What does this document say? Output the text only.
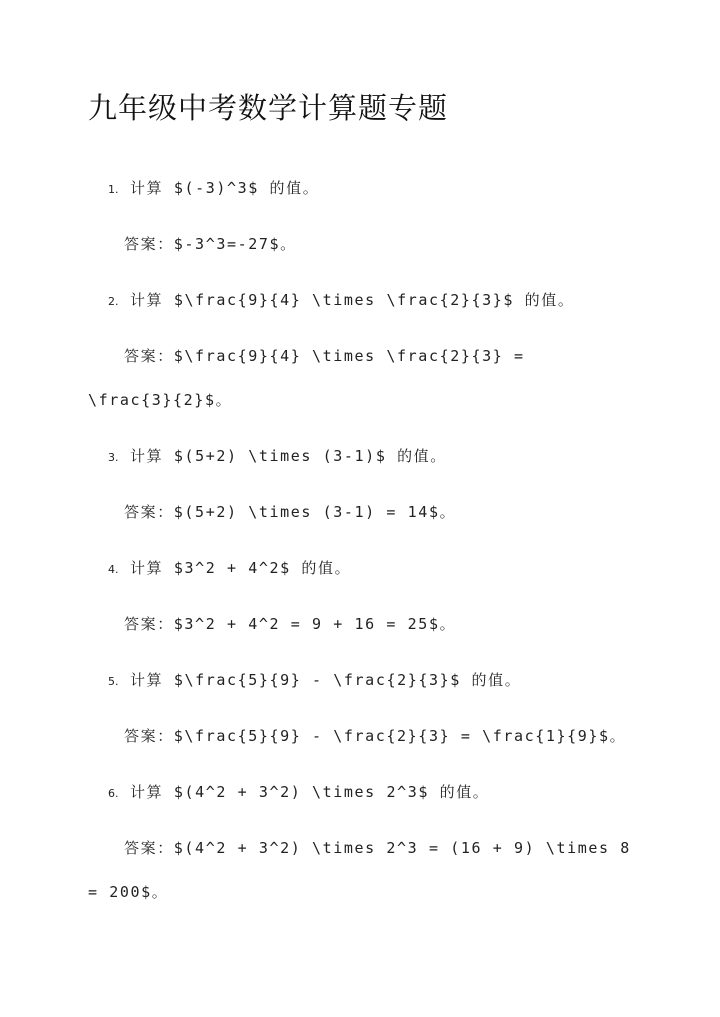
九年级中考数学计算题专题
1. 计算 $(-3)^3$ 的值。
答案：$-3^3=-27$。
2. 计算 $\frac{9}{4} \times \frac{2}{3}$ 的值。
答案：$\frac{9}{4} \times \frac{2}{3} =
\frac{3}{2}$。
3. 计算 $(5+2) \times (3-1)$ 的值。
答案：$(5+2) \times (3-1) = 14$。
4. 计算 $3^2 + 4^2$ 的值。
答案：$3^2 + 4^2 = 9 + 16 = 25$。
5. 计算 $\frac{5}{9} - \frac{2}{3}$ 的值。
答案：$\frac{5}{9} - \frac{2}{3} = \frac{1}{9}$。
6. 计算 $(4^2 + 3^2) \times 2^3$ 的值。
答案：$(4^2 + 3^2) \times 2^3 = (16 + 9) \times 8
= 200$。
